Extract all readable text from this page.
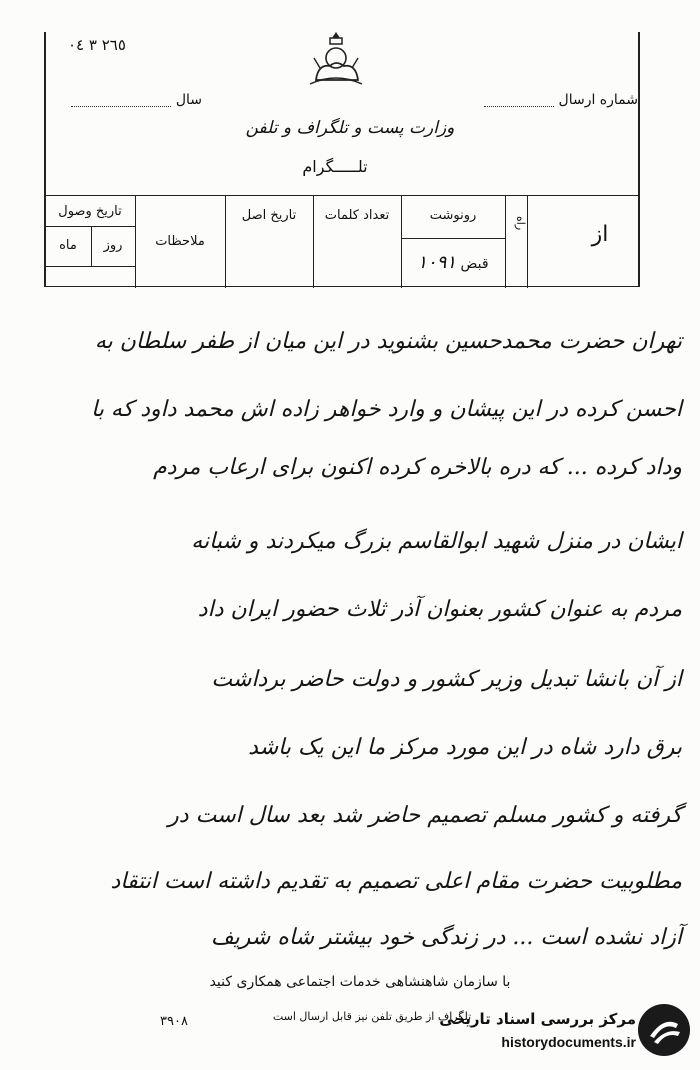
٢٦٥ ٣ ٠٤
شماره ارسال
سال
وزارت پست و تلگراف و تلفن
تلـــــگرام
از
راه
رونوشت
قبض ۱۰۹۱
تعداد کلمات
تاریخ اصل
ملاحظات
تاریخ وصول
روز
ماه
تهران حضرت محمدحسین بشنوید در این میان از طفر سلطان به
احسن کرده در این پیشان و وارد خواهر زاده اش محمد داود که با
وداد کرده ... که دره بالاخره کرده اکنون برای ارعاب مردم
ایشان در منزل شهید ابوالقاسم بزرگ میکردند و شبانه
مردم به عنوان کشور بعنوان آذر ثلاث حضور ایران داد
از آن بانشا تبدیل وزیر کشور و دولت حاضر برداشت
برق دارد شاه در این مورد مرکز ما این یک باشد
گرفته و کشور مسلم تصمیم حاضر شد بعد سال است در
مطلوبیت حضرت مقام اعلی تصمیم به تقدیم داشته است انتقاد
آزاد نشده است ... در زندگی خود بیشتر شاه شریف
با سازمان شاهنشاهی خدمات اجتماعی همکاری کنید
تلگراف از طریق تلفن نیز قابل ارسال است
۳۹۰۸	مرکز بررسی اسناد تاریخی
historydocuments.ir
